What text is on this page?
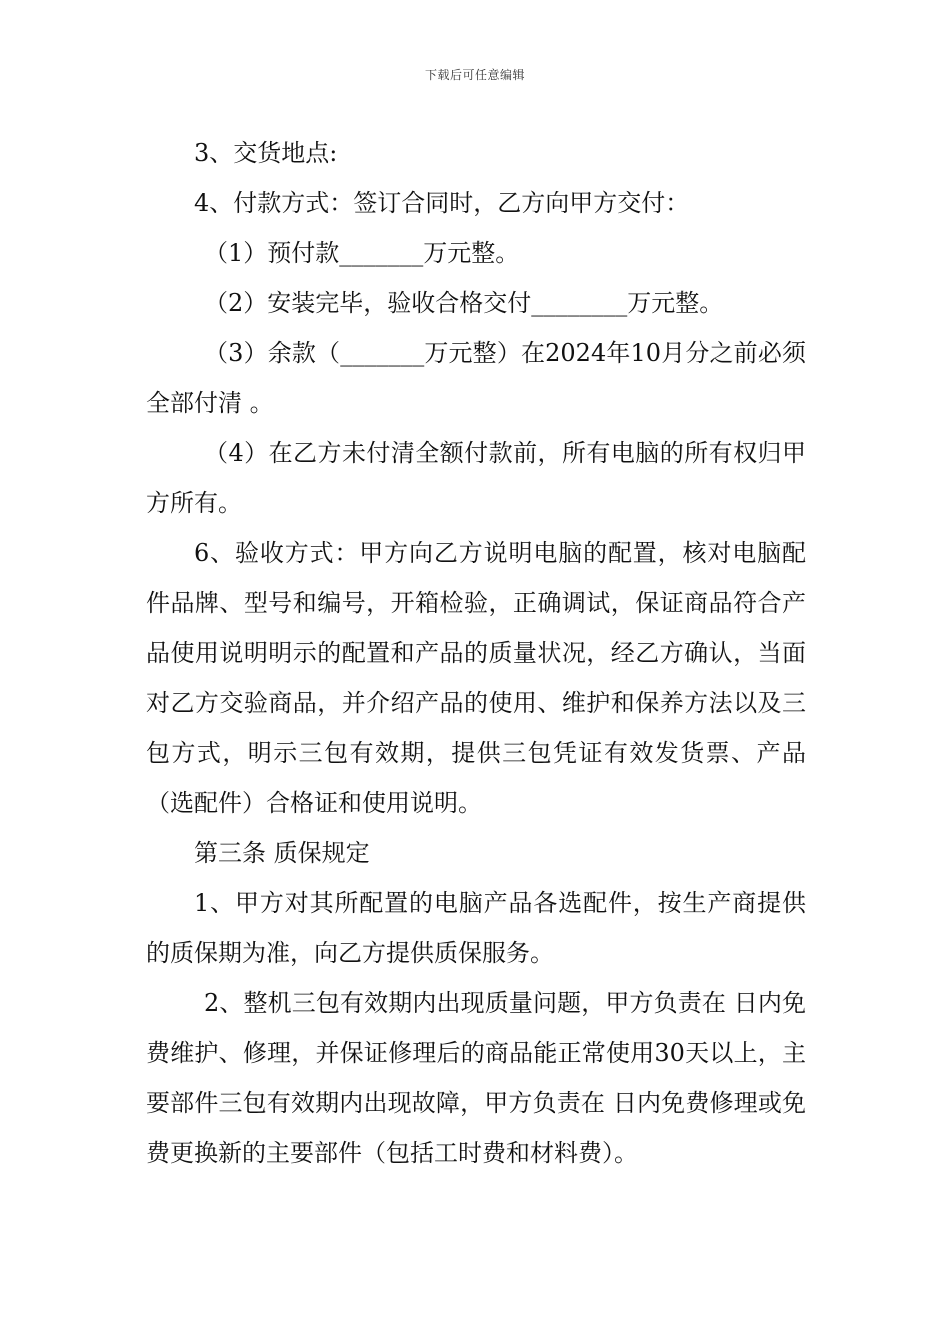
下载后可任意编辑

3、交货地点:

4、付款方式：签订合同时，乙方向甲方交付：

（1）预付款_______万元整。

（2）安装完毕，验收合格交付________万元整。

（3）余款（_______万元整）在2024年10月分之前必须全部付清 。

（4）在乙方未付清全额付款前，所有电脑的所有权归甲方所有。

6、验收方式：甲方向乙方说明电脑的配置，核对电脑配件品牌、型号和编号，开箱检验，正确调试，保证商品符合产品使用说明明示的配置和产品的质量状况，经乙方确认，当面对乙方交验商品，并介绍产品的使用、维护和保养方法以及三包方式，明示三包有效期，提供三包凭证有效发货票、产品（选配件）合格证和使用说明。

第三条 质保规定

1、甲方对其所配置的电脑产品各选配件，按生产商提供的质保期为准，向乙方提供质保服务。

2、整机三包有效期内出现质量问题，甲方负责在 日内免费维护、修理，并保证修理后的商品能正常使用30天以上，主要部件三包有效期内出现故障，甲方负责在 日内免费修理或免费更换新的主要部件（包括工时费和材料费）。
